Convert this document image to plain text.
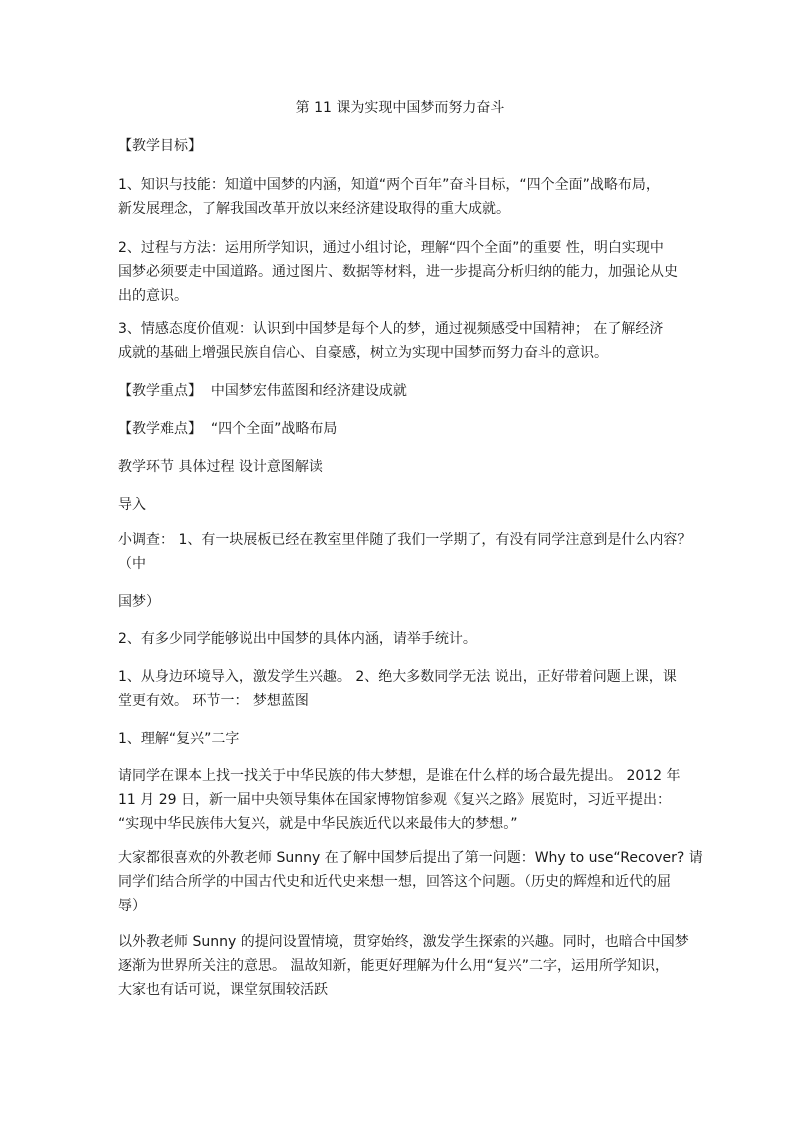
第 11 课为实现中国梦而努力奋斗

【教学目标】

1、知识与技能：知道中国梦的内涵，知道“两个百年”奋斗目标，“四个全面”战略布局，
新发展理念，了解我国改革开放以来经济建设取得的重大成就。

2、过程与方法：运用所学知识，通过小组讨论，理解“四个全面”的重要 性，明白实现中
国梦必须要走中国道路。通过图片、数据等材料，进一步提高分析归纳的能力，加强论从史
出的意识。

3、情感态度价值观：认识到中国梦是每个人的梦，通过视频感受中国精神； 在了解经济
成就的基础上增强民族自信心、自豪感，树立为实现中国梦而努力奋斗的意识。

【教学重点】 中国梦宏伟蓝图和经济建设成就

【教学难点】 “四个全面”战略布局

教学环节 具体过程 设计意图解读

导入

小调查： 1、有一块展板已经在教室里伴随了我们一学期了，有没有同学注意到是什么内容？
（中

国梦）

2、有多少同学能够说出中国梦的具体内涵，请举手统计。

1、从身边环境导入，激发学生兴趣。 2、绝大多数同学无法 说出，正好带着问题上课，课
堂更有效。 环节一： 梦想蓝图

1、理解“复兴”二字

请同学在课本上找一找关于中华民族的伟大梦想，是谁在什么样的场合最先提出。 2012 年
11 月 29 日，新一届中央领导集体在国家博物馆参观《复兴之路》展览时，习近平提出：
“实现中华民族伟大复兴，就是中华民族近代以来最伟大的梦想。”

大家都很喜欢的外教老师 Sunny 在了解中国梦后提出了第一问题：Why to use“Recover? 请
同学们结合所学的中国古代史和近代史来想一想，回答这个问题。（历史的辉煌和近代的屈
辱）

以外教老师 Sunny 的提问设置情境，贯穿始终，激发学生探索的兴趣。同时，也暗合中国梦
逐渐为世界所关注的意思。 温故知新，能更好理解为什么用“复兴”二字，运用所学知识，
大家也有话可说，课堂氛围较活跃
